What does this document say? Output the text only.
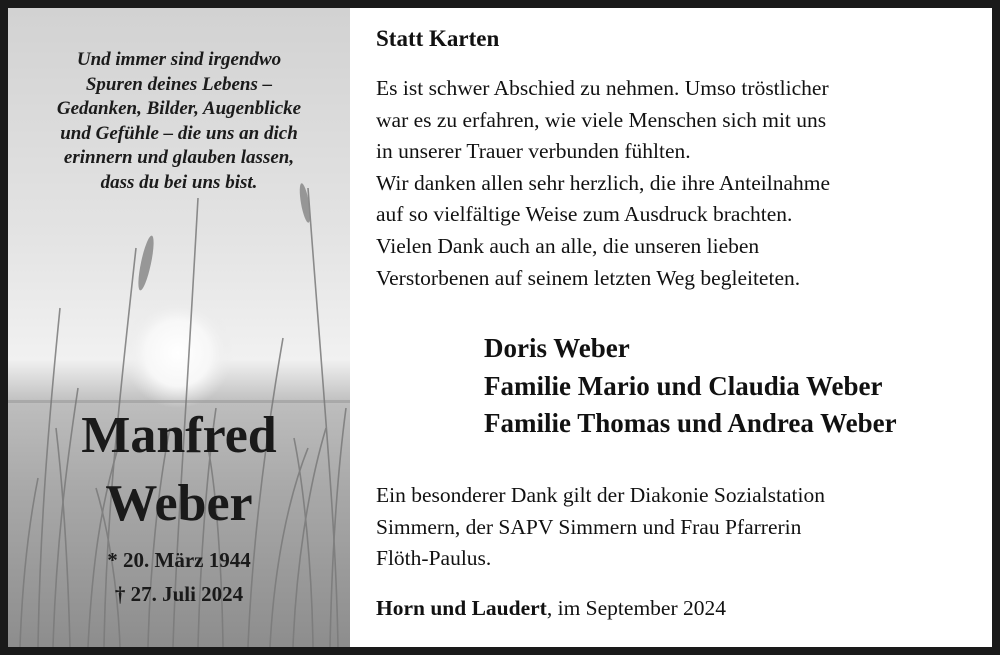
Und immer sind irgendwo
Spuren deines Lebens –
Gedanken, Bilder, Augenblicke
und Gefühle – die uns an dich
erinnern und glauben lassen,
dass du bei uns bist.
Manfred
Weber
* 20. März 1944
† 27. Juli 2024
Statt Karten
Es ist schwer Abschied zu nehmen. Umso tröstlicher
war es zu erfahren, wie viele Menschen sich mit uns
in unserer Trauer verbunden fühlten.
Wir danken allen sehr herzlich, die ihre Anteilnahme
auf so vielfältige Weise zum Ausdruck brachten.
Vielen Dank auch an alle, die unseren lieben
Verstorbenen auf seinem letzten Weg begleiteten.
Doris Weber
Familie Mario und Claudia Weber
Familie Thomas und Andrea Weber
Ein besonderer Dank gilt der Diakonie Sozialstation
Simmern, der SAPV Simmern und Frau Pfarrerin
Flöth-Paulus.
Horn und Laudert, im September 2024
